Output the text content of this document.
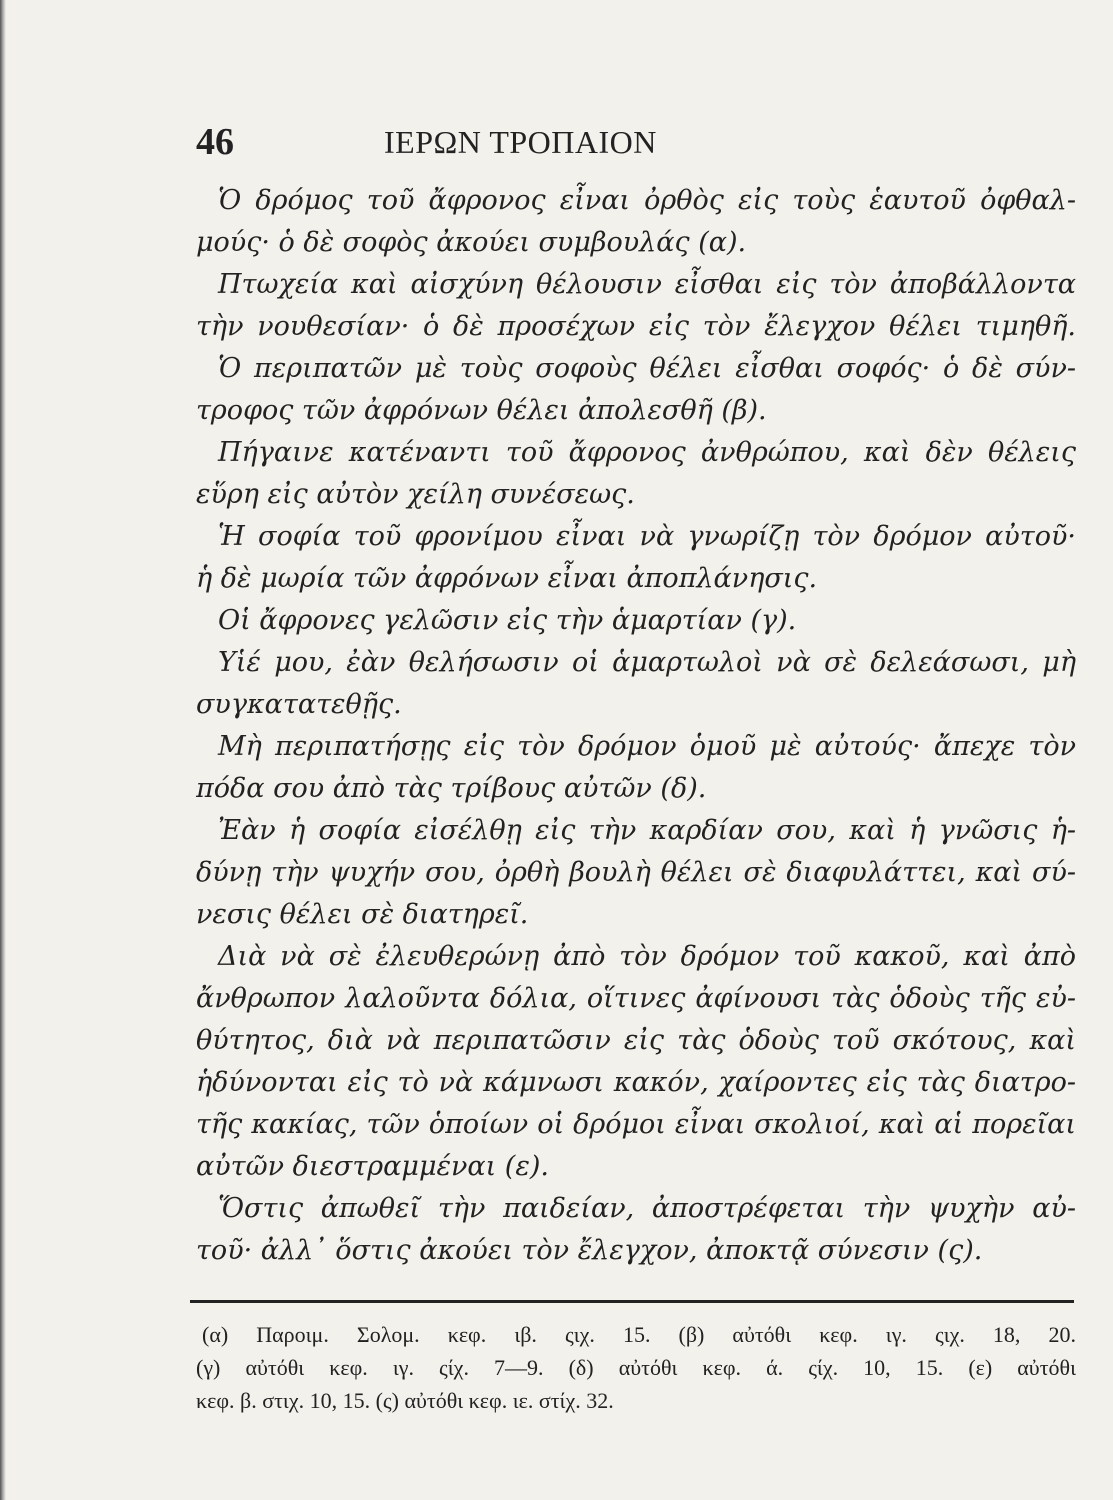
46	ΙΕΡΩΝ ΤΡΟΠΑΙΟΝ
Ὁ δρόμος τοῦ ἄφρονος εἶναι ὀρθὸς εἰς τοὺς ἑαυτοῦ ὀφθαλ-
μούς· ὁ δὲ σοφὸς ἀκούει συμβουλάς (α).
Πτωχεία καὶ αἰσχύνη θέλουσιν εἶσθαι εἰς τὸν ἀποβάλλοντα
τὴν νουθεσίαν· ὁ δὲ προσέχων εἰς τὸν ἔλεγχον θέλει τιμηθῆ.
Ὁ περιπατῶν μὲ τοὺς σοφοὺς θέλει εἶσθαι σοφός· ὁ δὲ σύν-
τροφος τῶν ἀφρόνων θέλει ἀπολεσθῆ (β).
Πήγαινε κατέναντι τοῦ ἄφρονος ἀνθρώπου, καὶ δὲν θέλεις
εὕρη εἰς αὐτὸν χείλη συνέσεως.
Ἡ σοφία τοῦ φρονίμου εἶναι νὰ γνωρίζῃ τὸν δρόμον αὐτοῦ·
ἡ δὲ μωρία τῶν ἀφρόνων εἶναι ἀποπλάνησις.
Οἱ ἄφρονες γελῶσιν εἰς τὴν ἁμαρτίαν (γ).
Υἱέ μου, ἐὰν θελήσωσιν οἱ ἁμαρτωλοὶ νὰ σὲ δελεάσωσι, μὴ
συγκατατεθῇς.
Μὴ περιπατήσῃς εἰς τὸν δρόμον ὁμοῦ μὲ αὐτούς· ἄπεχε τὸν
πόδα σου ἀπὸ τὰς τρίβους αὐτῶν (δ).
Ἐὰν ἡ σοφία εἰσέλθῃ εἰς τὴν καρδίαν σου, καὶ ἡ γνῶσις ἡ-
δύνῃ τὴν ψυχήν σου, ὀρθὴ βουλὴ θέλει σὲ διαφυλάττει, καὶ σύ-
νεσις θέλει σὲ διατηρεῖ.
Διὰ νὰ σὲ ἐλευθερώνῃ ἀπὸ τὸν δρόμον τοῦ κακοῦ, καὶ ἀπὸ
ἄνθρωπον λαλοῦντα δόλια, οἵτινες ἀφίνουσι τὰς ὁδοὺς τῆς εὐ-
θύτητος, διὰ νὰ περιπατῶσιν εἰς τὰς ὁδοὺς τοῦ σκότους, καὶ
ἡδύνονται εἰς τὸ νὰ κάμνωσι κακόν, χαίροντες εἰς τὰς διατρο-
τῆς κακίας, τῶν ὁποίων οἱ δρόμοι εἶναι σκολιοί, καὶ αἱ πορεῖαι
αὐτῶν διεστραμμέναι (ε).
Ὅστις ἀπωθεῖ τὴν παιδείαν, ἀποστρέφεται τὴν ψυχὴν αὐ-
τοῦ· ἀλλ᾽ ὅστις ἀκούει τὸν ἔλεγχον, ἀποκτᾷ σύνεσιν (ς).
(α) Παροιμ. Σολομ. κεφ. ιβ. ςιχ. 15. (β) αὐτόθι κεφ. ιγ. ςιχ. 18, 20.
(γ) αὐτόθι κεφ. ιγ. ςίχ. 7—9. (δ) αὐτόθι κεφ. ά. ςίχ. 10, 15. (ε) αὐτόθι
κεφ. β. στιχ. 10, 15. (ς) αὐτόθι κεφ. ιε. στίχ. 32.
